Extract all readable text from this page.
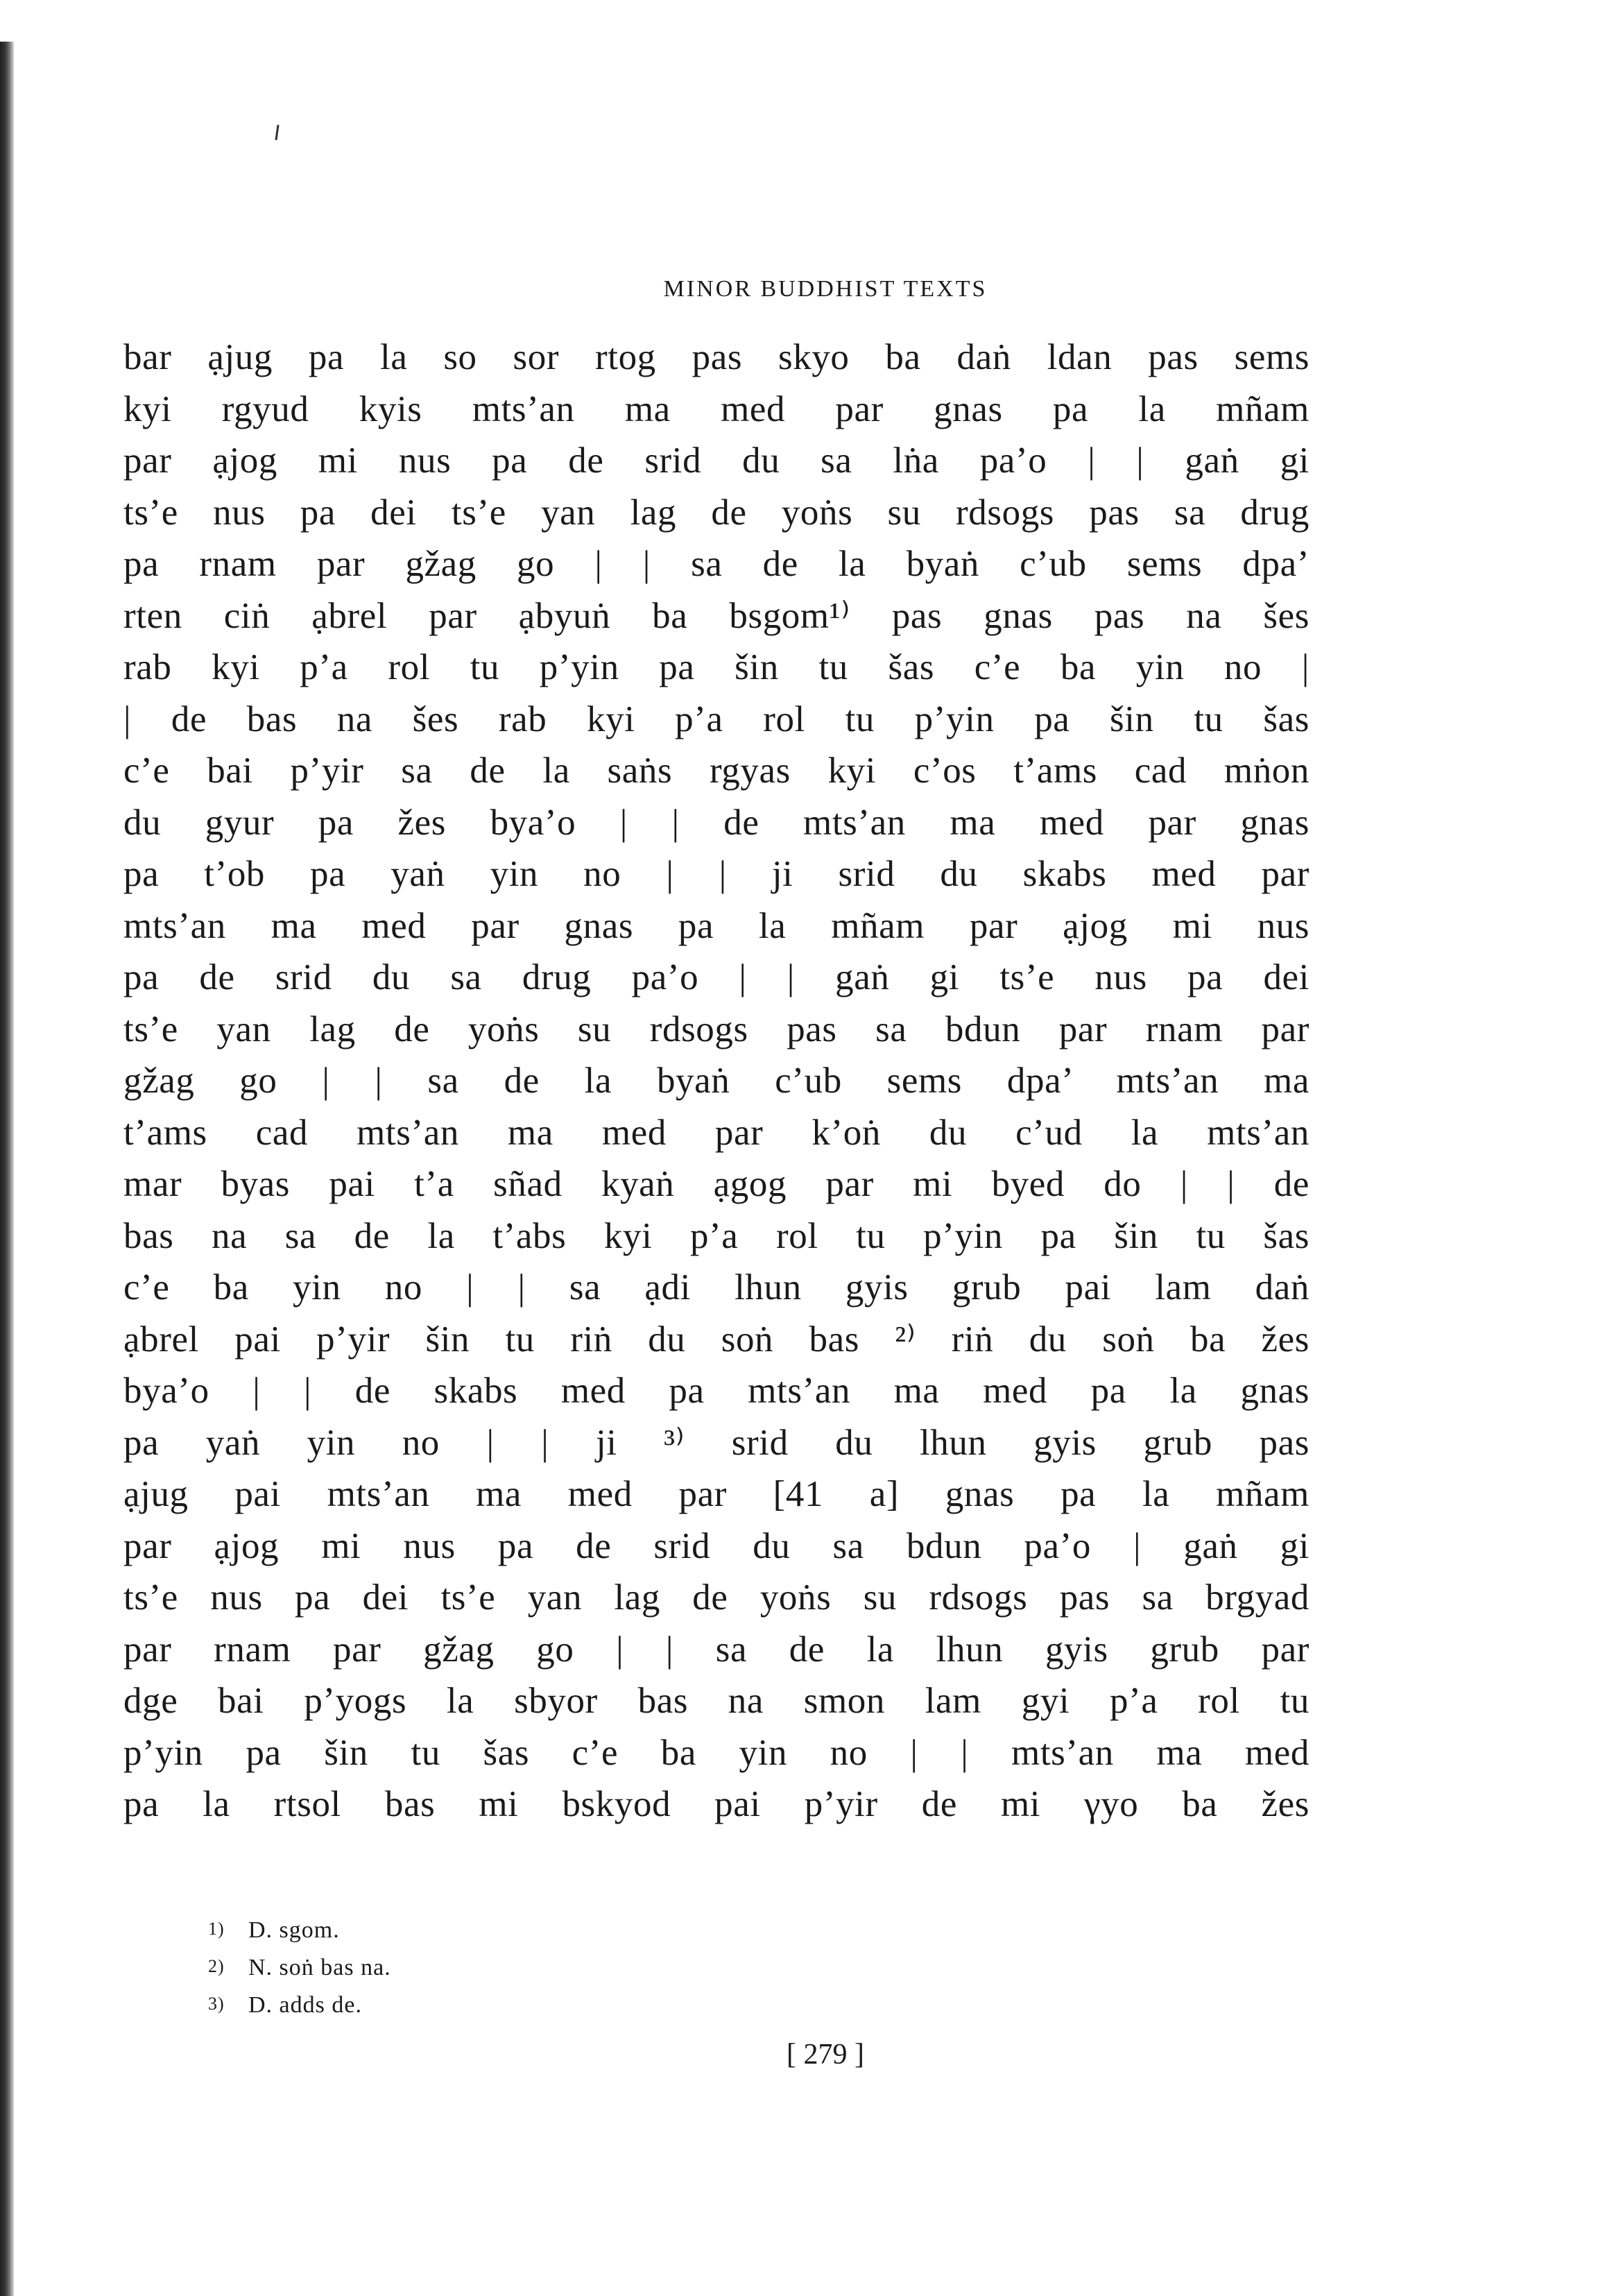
MINOR BUDDHIST TEXTS
bar ạjug pa la so sor rtog pas skyo ba daṅ ldan pas sems
kyi rgyud kyis mts’an ma med par gnas pa la mñam
par ạjog mi nus pa de srid du sa lṅa pa’o | | gaṅ gi
ts’e nus pa dei ts’e yan lag de yoṅs su rdsogs pas sa drug
pa rnam par gžag go | | sa de la byaṅ c’ub sems dpa’
rten ciṅ ạbrel par ạbyuṅ ba bsgom¹⁾ pas gnas pas na šes
rab kyi p’a rol tu p’yin pa šin tu šas c’e ba yin no |
| de bas na šes rab kyi p’a rol tu p’yin pa šin tu šas
c’e bai p’yir sa de la saṅs rgyas kyi c’os t’ams cad mṅon
du gyur pa žes bya’o | | de mts’an ma med par gnas
pa t’ob pa yaṅ yin no | | ji srid du skabs med par
mts’an ma med par gnas pa la mñam par ạjog mi nus
pa de srid du sa drug pa’o | | gaṅ gi ts’e nus pa dei
ts’e yan lag de yoṅs su rdsogs pas sa bdun par rnam par
gžag go | | sa de la byaṅ c’ub sems dpa’ mts’an ma
t’ams cad mts’an ma med par k’oṅ du c’ud la mts’an
mar byas pai t’a sñad kyaṅ ạgog par mi byed do | | de
bas na sa de la t’abs kyi p’a rol tu p’yin pa šin tu šas
c’e ba yin no | | sa ạdi lhun gyis grub pai lam daṅ
ạbrel pai p’yir šin tu riṅ du soṅ bas ²⁾ riṅ du soṅ ba žes
bya’o | | de skabs med pa mts’an ma med pa la gnas
pa yaṅ yin no | | ji ³⁾ srid du lhun gyis grub pas
ạjug pai mts’an ma med par [41 a] gnas pa la mñam
par ạjog mi nus pa de srid du sa bdun pa’o | gaṅ gi
ts’e nus pa dei ts’e yan lag de yoṅs su rdsogs pas sa brgyad
par rnam par gžag go | | sa de la lhun gyis grub par
dge bai p’yogs la sbyor bas na smon lam gyi p’a rol tu
p’yin pa šin tu šas c’e ba yin no | | mts’an ma med
pa la rtsol bas mi bskyod pai p’yir de mi γyo ba žes
1) D. sgom.
2) N. soṅ bas na.
3) D. adds de.
[ 279 ]
